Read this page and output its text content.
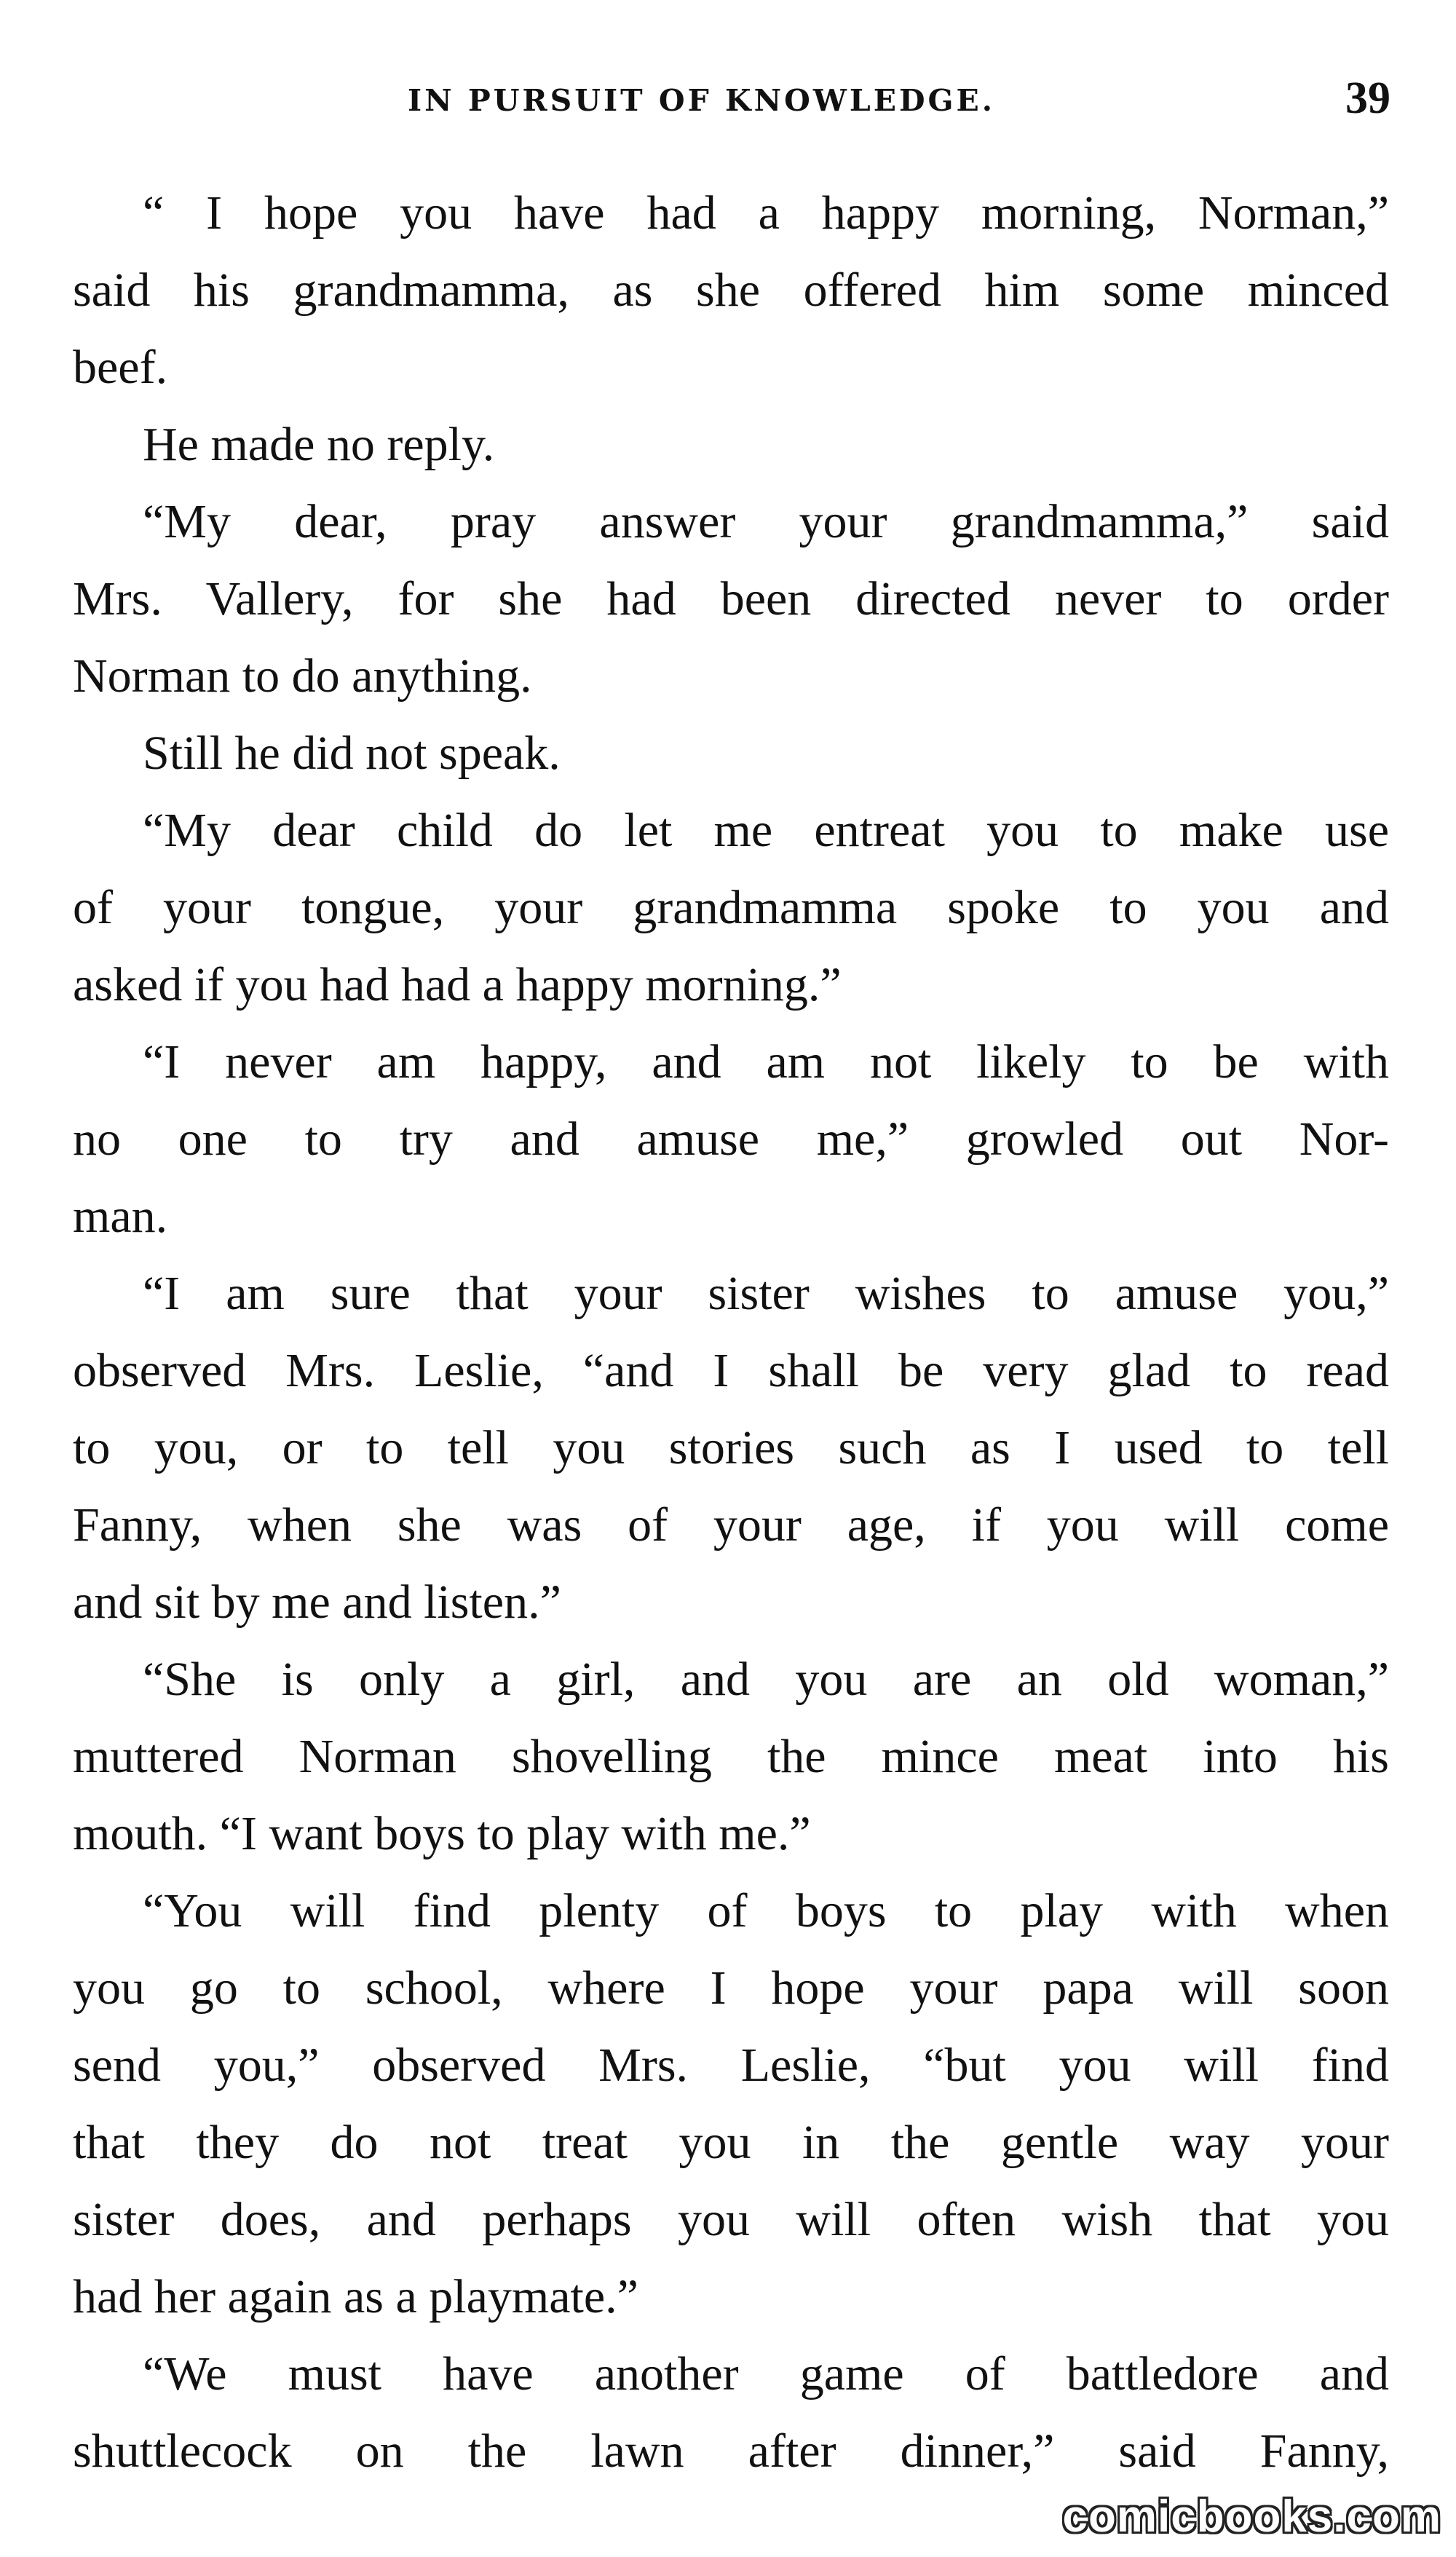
IN PURSUIT OF KNOWLEDGE.	39
“ I hope you have had a happy morning, Norman,”
said his grandmamma, as she offered him some minced
beef.
He made no reply.
“My dear, pray answer your grandmamma,” said
Mrs. Vallery, for she had been directed never to order
Norman to do anything.
Still he did not speak.
“My dear child do let me entreat you to make use
of your tongue, your grandmamma spoke to you and
asked if you had had a happy morning.”
“I never am happy, and am not likely to be with
no one to try and amuse me,” growled out Nor-
man.
“I am sure that your sister wishes to amuse you,”
observed Mrs. Leslie, “and I shall be very glad to read
to you, or to tell you stories such as I used to tell
Fanny, when she was of your age, if you will come
and sit by me and listen.”
“She is only a girl, and you are an old woman,”
muttered Norman shovelling the mince meat into his
mouth. “I want boys to play with me.”
“You will find plenty of boys to play with when
you go to school, where I hope your papa will soon
send you,” observed Mrs. Leslie, “but you will find
that they do not treat you in the gentle way your
sister does, and perhaps you will often wish that you
had her again as a playmate.”
“We must have another game of battledore and
shuttlecock on the lawn after dinner,” said Fanny,
comicbooks.com
